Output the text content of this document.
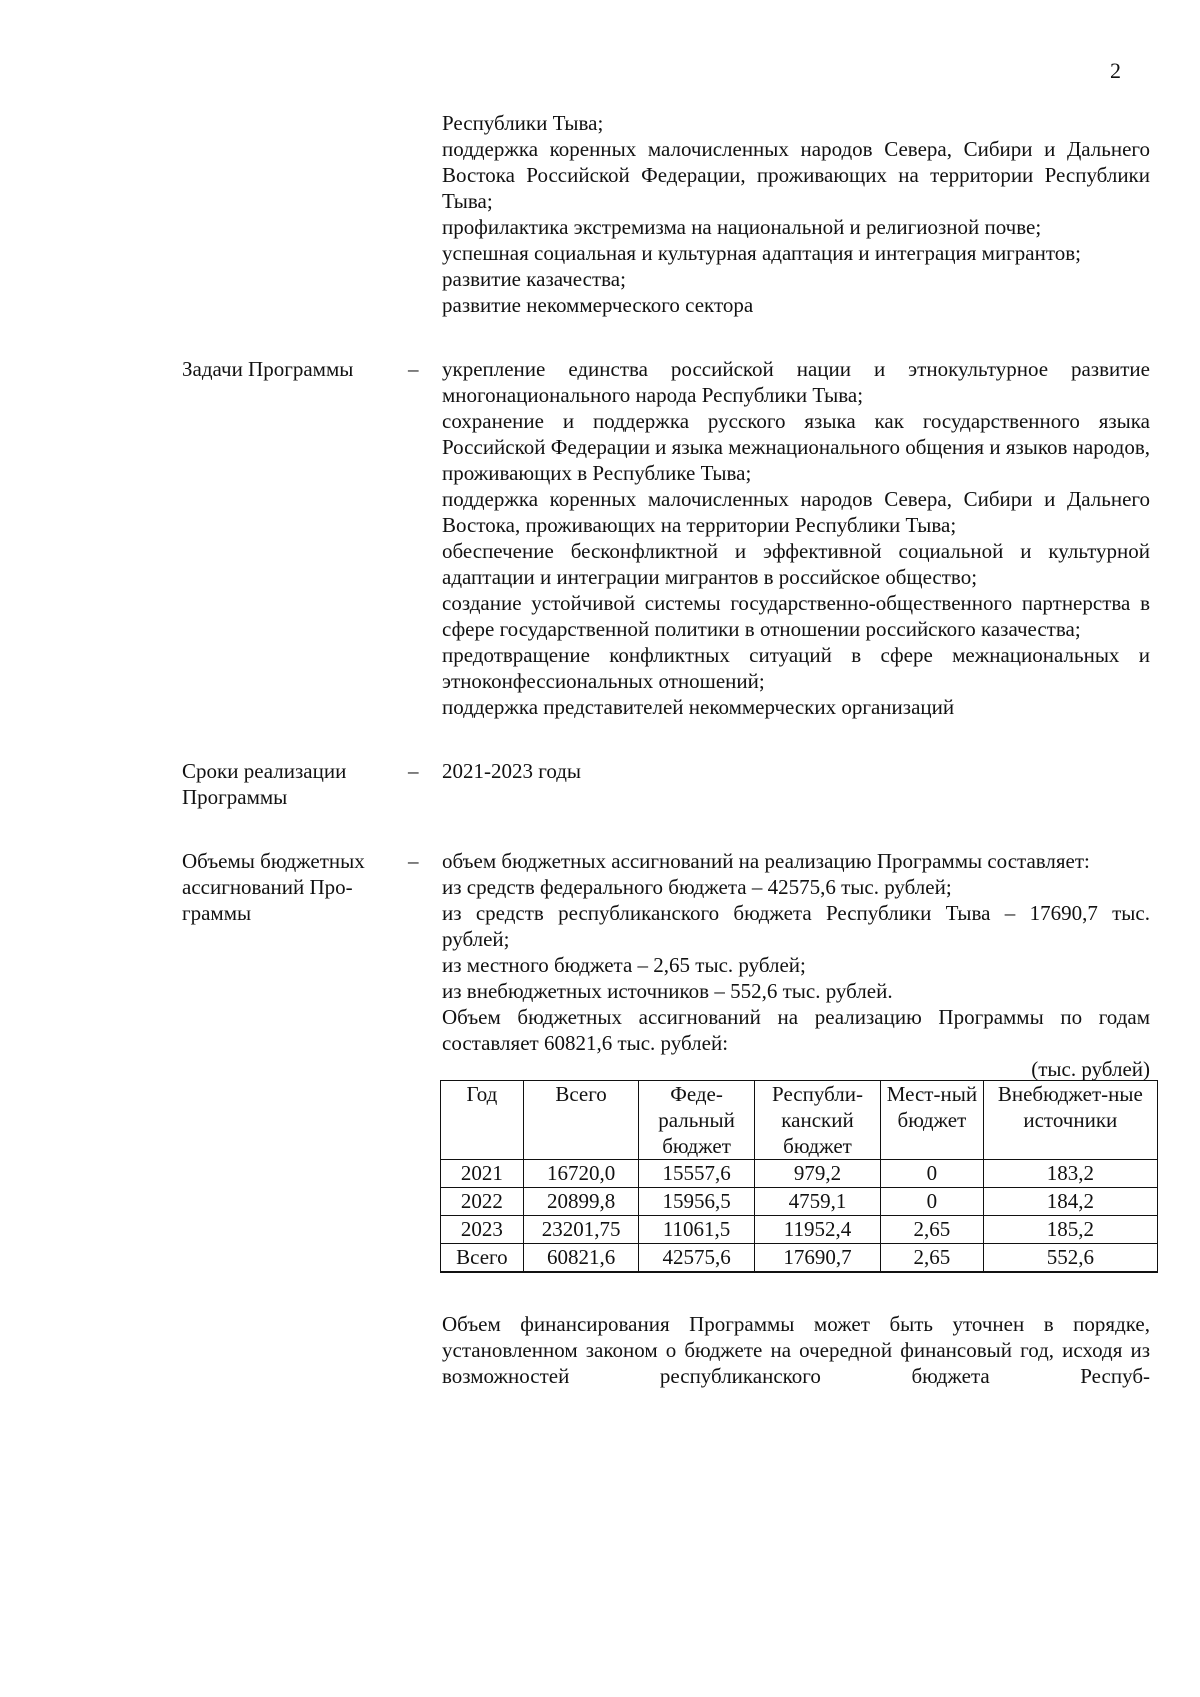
2
Республики Тыва;
поддержка коренных малочисленных народов Севера, Сибири и Дальнего Востока Российской Федерации, проживающих на территории Республики Тыва;
профилактика экстремизма на национальной и религиозной почве;
успешная социальная и культурная адаптация и интеграция мигрантов;
развитие казачества;
развитие некоммерческого сектора
Задачи Программы	–	укрепление единства российской нации и этнокультурное развитие многонационального народа Республики Тыва;
сохранение и поддержка русского языка как государственного языка Российской Федерации и языка межнационального общения и языков народов, проживающих в Республике Тыва;
поддержка коренных малочисленных народов Севера, Сибири и Дальнего Востока, проживающих на территории Республики Тыва;
обеспечение бесконфликтной и эффективной социальной и культурной адаптации и интеграции мигрантов в российское общество;
создание устойчивой системы государственно-общественного партнерства в сфере государственной политики в отношении российского казачества;
предотвращение конфликтных ситуаций в сфере межнациональных и этноконфессиональных отношений;
поддержка представителей некоммерческих организаций
Сроки реализации
Программы
–	2021-2023 годы
Объемы бюджетных
ассигнований Про-
граммы
–	объем бюджетных ассигнований на реализацию Программы составляет:
из средств федерального бюджета – 42575,6 тыс. рублей;
из средств республиканского бюджета Республики Тыва – 17690,7 тыс. рублей;
из местного бюджета – 2,65 тыс. рублей;
из внебюджетных источников – 552,6 тыс. рублей.
Объем бюджетных ассигнований на реализацию Программы по годам составляет 60821,6 тыс. рублей:
(тыс. рублей)
Год	Всего	Феде-ральный бюджет	Республи-канский бюджет	Мест-ный бюджет	Внебюджет-ные источники
2021	16720,0	15557,6	979,2	0	183,2
2022	20899,8	15956,5	4759,1	0	184,2
2023	23201,75	11061,5	11952,4	2,65	185,2
Всего	60821,6	42575,6	17690,7	2,65	552,6
Объем финансирования Программы может быть уточнен в порядке, установленном законом о бюджете на очередной финансовый год, исходя из возможностей республиканского бюджета Респуб-
